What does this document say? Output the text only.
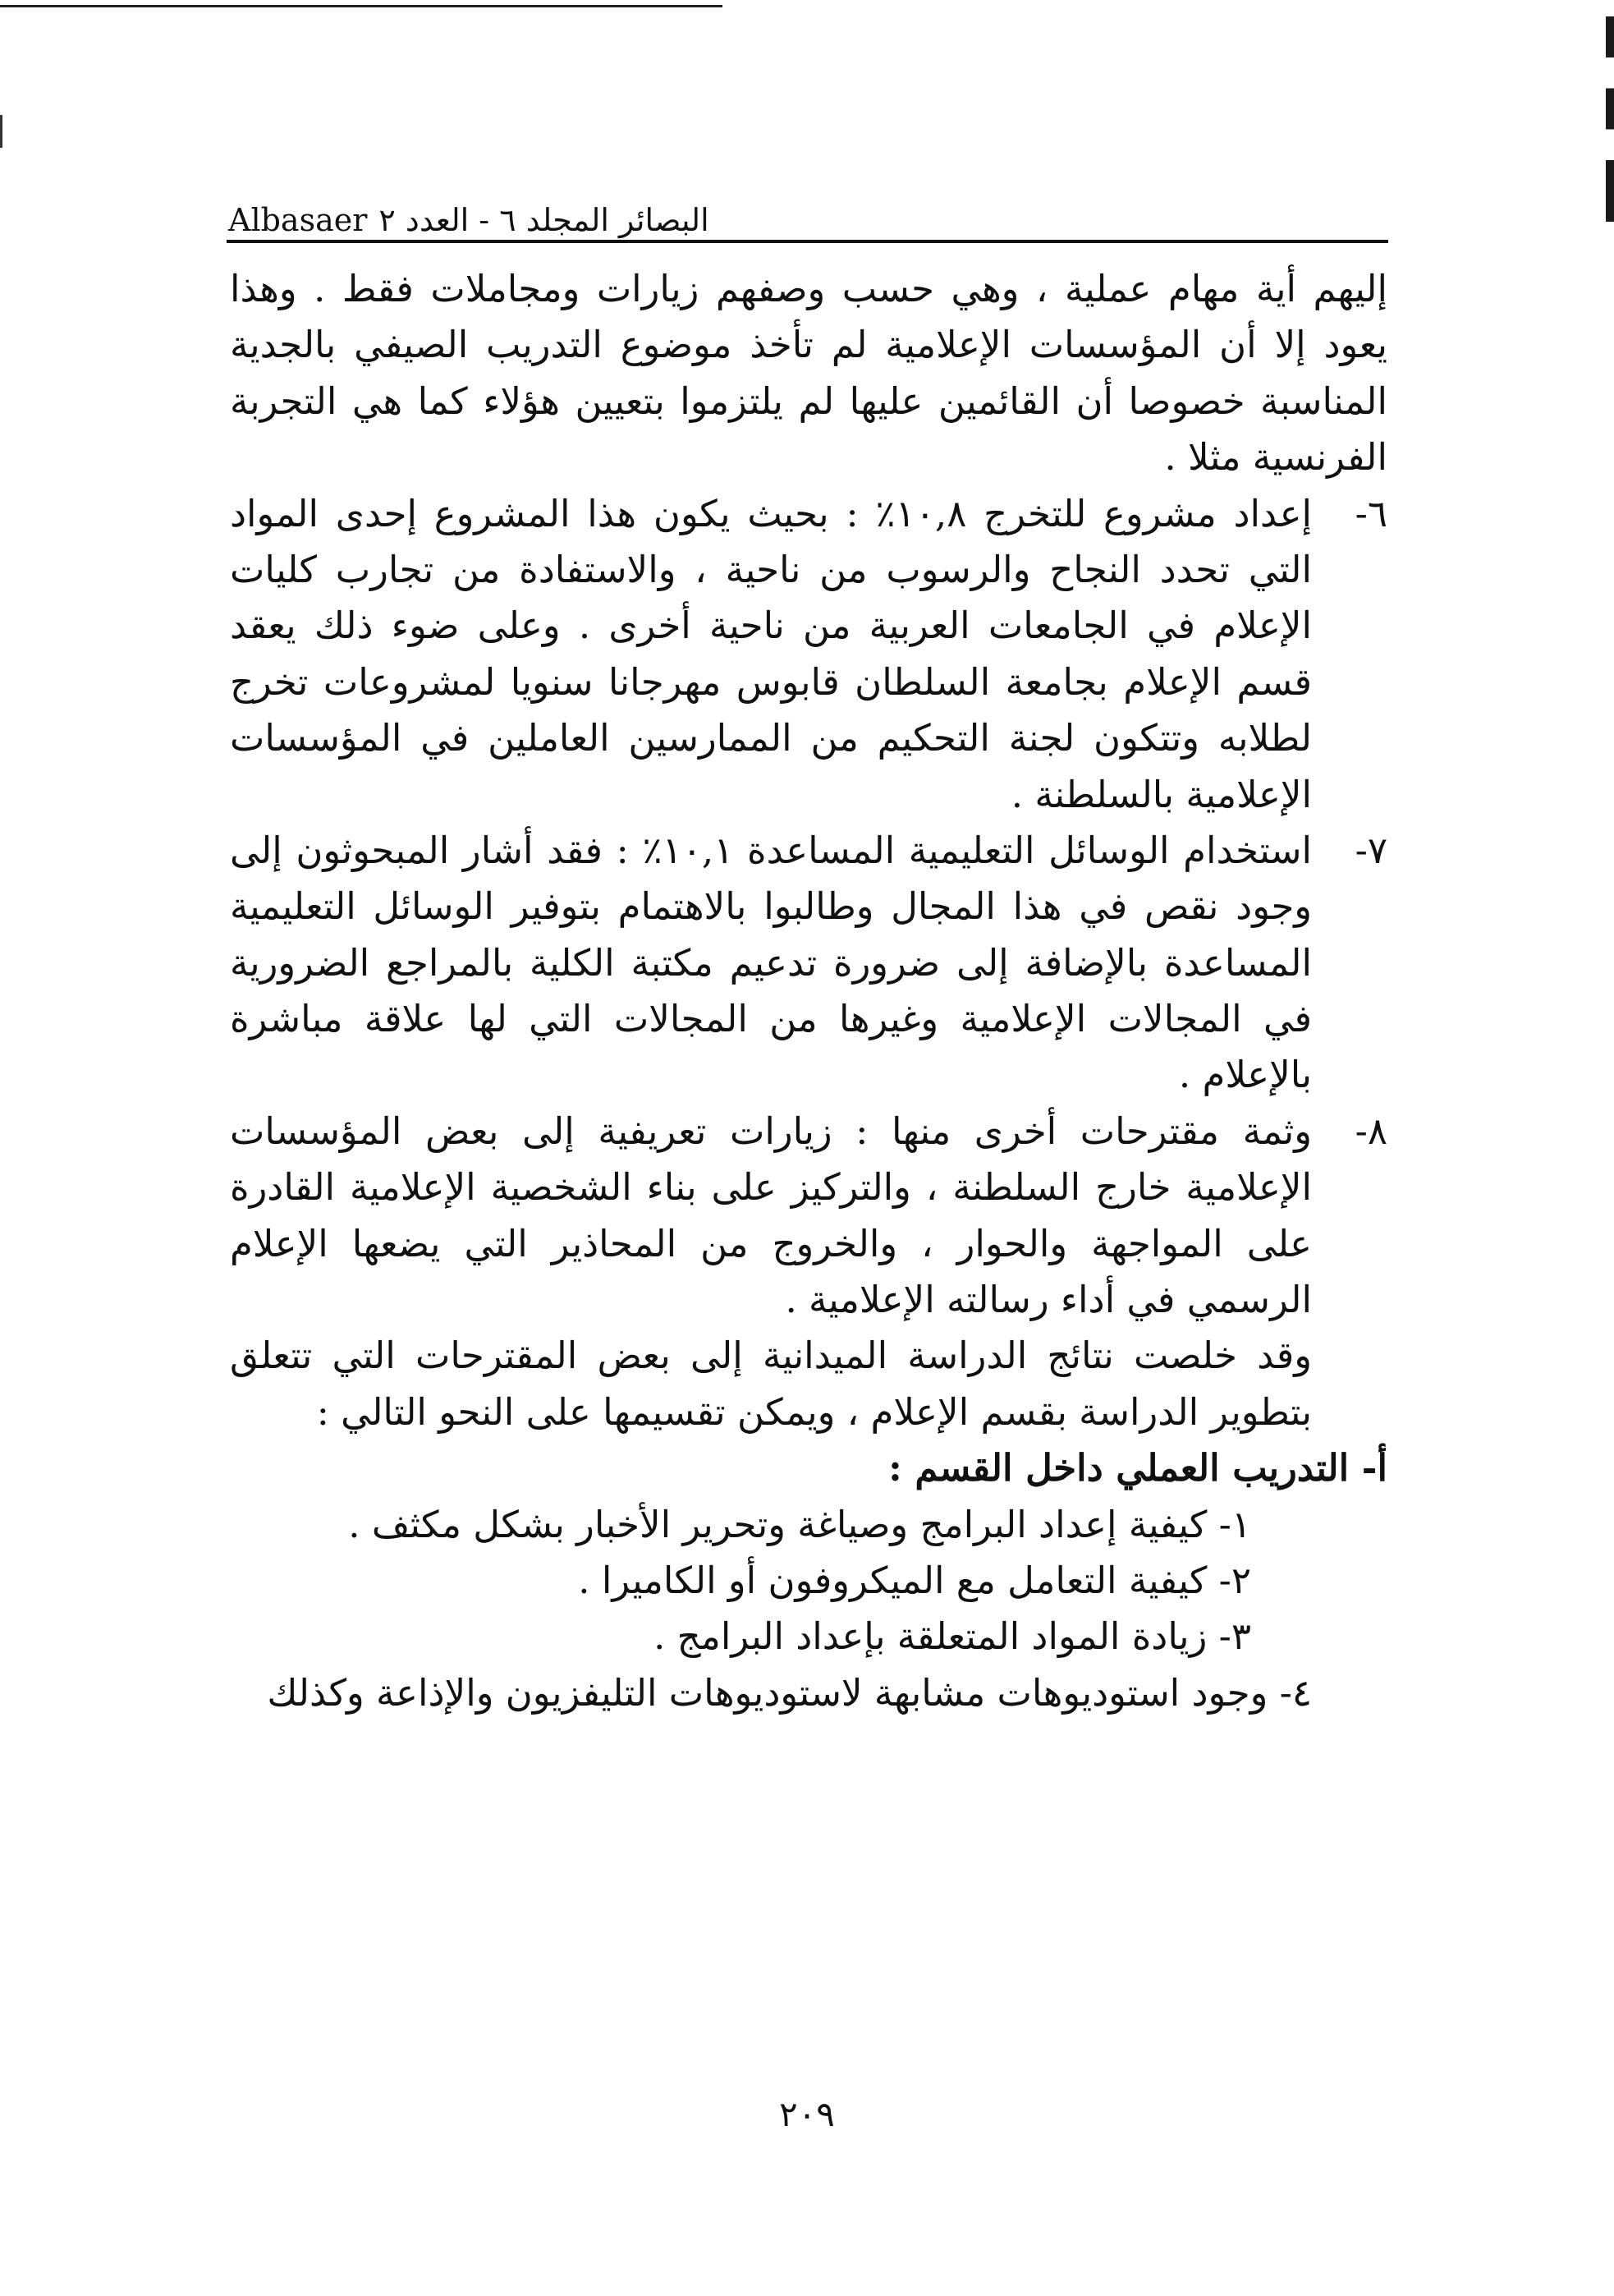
Albasaer البصائر المجلد ٦ - العدد ٢

إليهم أية مهام عملية ، وهي حسب وصفهم زيارات ومجاملات فقط . وهذا يعود إلا أن المؤسسات الإعلامية لم تأخذ موضوع التدريب الصيفي بالجدية المناسبة خصوصا أن القائمين عليها لم يلتزموا بتعيين هؤلاء كما هي التجربة الفرنسية مثلا .

٦-

إعداد مشروع للتخرج ١٠,٨٪ : بحيث يكون هذا المشروع إحدى المواد التي تحدد النجاح والرسوب من ناحية ، والاستفادة من تجارب كليات الإعلام في الجامعات العربية من ناحية أخرى . وعلى ضوء ذلك يعقد قسم الإعلام بجامعة السلطان قابوس مهرجانا سنويا لمشروعات تخرج لطلابه وتتكون لجنة التحكيم من الممارسين العاملين في المؤسسات الإعلامية بالسلطنة .

٧-

استخدام الوسائل التعليمية المساعدة ١٠,١٪ : فقد أشار المبحوثون إلى وجود نقص في هذا المجال وطالبوا بالاهتمام بتوفير الوسائل التعليمية المساعدة بالإضافة إلى ضرورة تدعيم مكتبة الكلية بالمراجع الضرورية في المجالات الإعلامية وغيرها من المجالات التي لها علاقة مباشرة بالإعلام .

٨-

وثمة مقترحات أخرى منها : زيارات تعريفية إلى بعض المؤسسات الإعلامية خارج السلطنة ، والتركيز على بناء الشخصية الإعلامية القادرة على المواجهة والحوار ، والخروج من المحاذير التي يضعها الإعلام الرسمي في أداء رسالته الإعلامية .

وقد خلصت نتائج الدراسة الميدانية إلى بعض المقترحات التي تتعلق بتطوير الدراسة بقسم الإعلام ، ويمكن تقسيمها على النحو التالي :

أ- التدريب العملي داخل القسم :

١- كيفية إعداد البرامج وصياغة وتحرير الأخبار بشكل مكثف .

٢- كيفية التعامل مع الميكروفون أو الكاميرا .

٣- زيادة المواد المتعلقة بإعداد البرامج .

٤- وجود استوديوهات مشابهة لاستوديوهات التليفزيون والإذاعة وكذلك

٢٠٩
